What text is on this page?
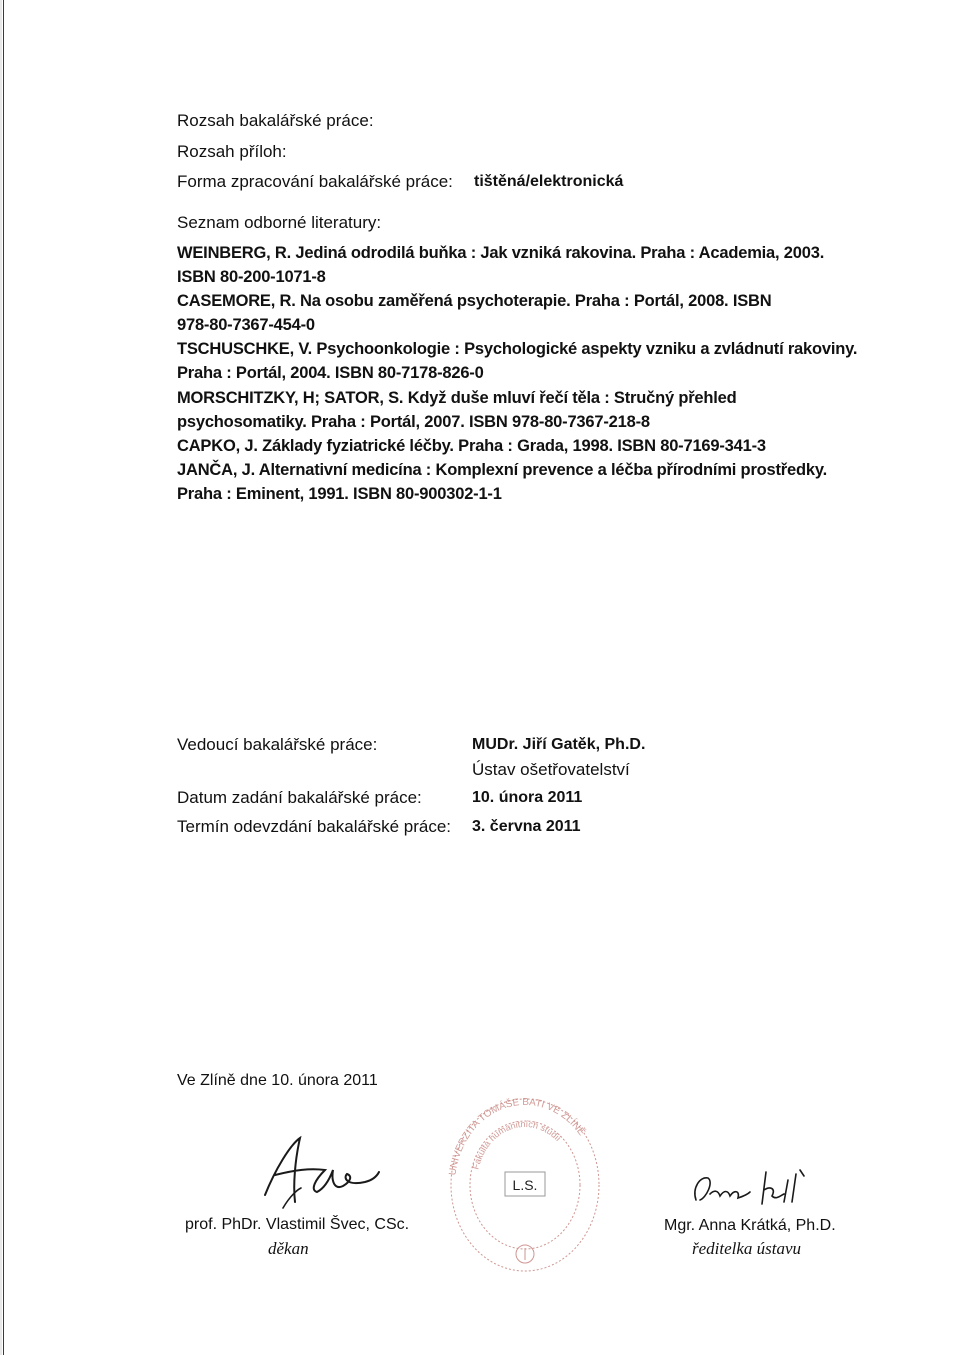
Rozsah bakalářské práce:
Rozsah příloh:
Forma zpracování bakalářské práce: tištěná/elektronická
Seznam odborné literatury:
WEINBERG, R. Jediná odrodilá buňka : Jak vzniká rakovina. Praha : Academia, 2003.
ISBN 80-200-1071-8
CASEMORE, R. Na osobu zaměřená psychoterapie. Praha : Portál, 2008. ISBN
978-80-7367-454-0
TSCHUSCHKE, V. Psychoonkologie : Psychologické aspekty vzniku a zvládnutí rakoviny.
Praha : Portál, 2004. ISBN 80-7178-826-0
MORSCHITZKY, H; SATOR, S. Když duše mluví řečí těla : Stručný přehled
psychosomatiky. Praha : Portál, 2007. ISBN 978-80-7367-218-8
CAPKO, J. Základy fyziatrické léčby. Praha : Grada, 1998. ISBN 80-7169-341-3
JANČA, J. Alternativní medicína : Komplexní prevence a léčba přírodními prostředky.
Praha : Eminent, 1991. ISBN 80-900302-1-1
Vedoucí bakalářské práce:	MUDr. Jiří Gatěk, Ph.D.
Ústav ošetřovatelství
Datum zadání bakalářské práce:	10. února 2011
Termín odevzdání bakalářské práce: 3. června 2011
Ve Zlíně dne 10. února 2011
prof. PhDr. Vlastimil Švec, CSc.
děkan
UNIVERZITA TOMÁŠE BATI VE ZLÍNĚ
Fakulta humanitních studií
L.S.
Mgr. Anna Krátká, Ph.D.
ředitelka ústavu
